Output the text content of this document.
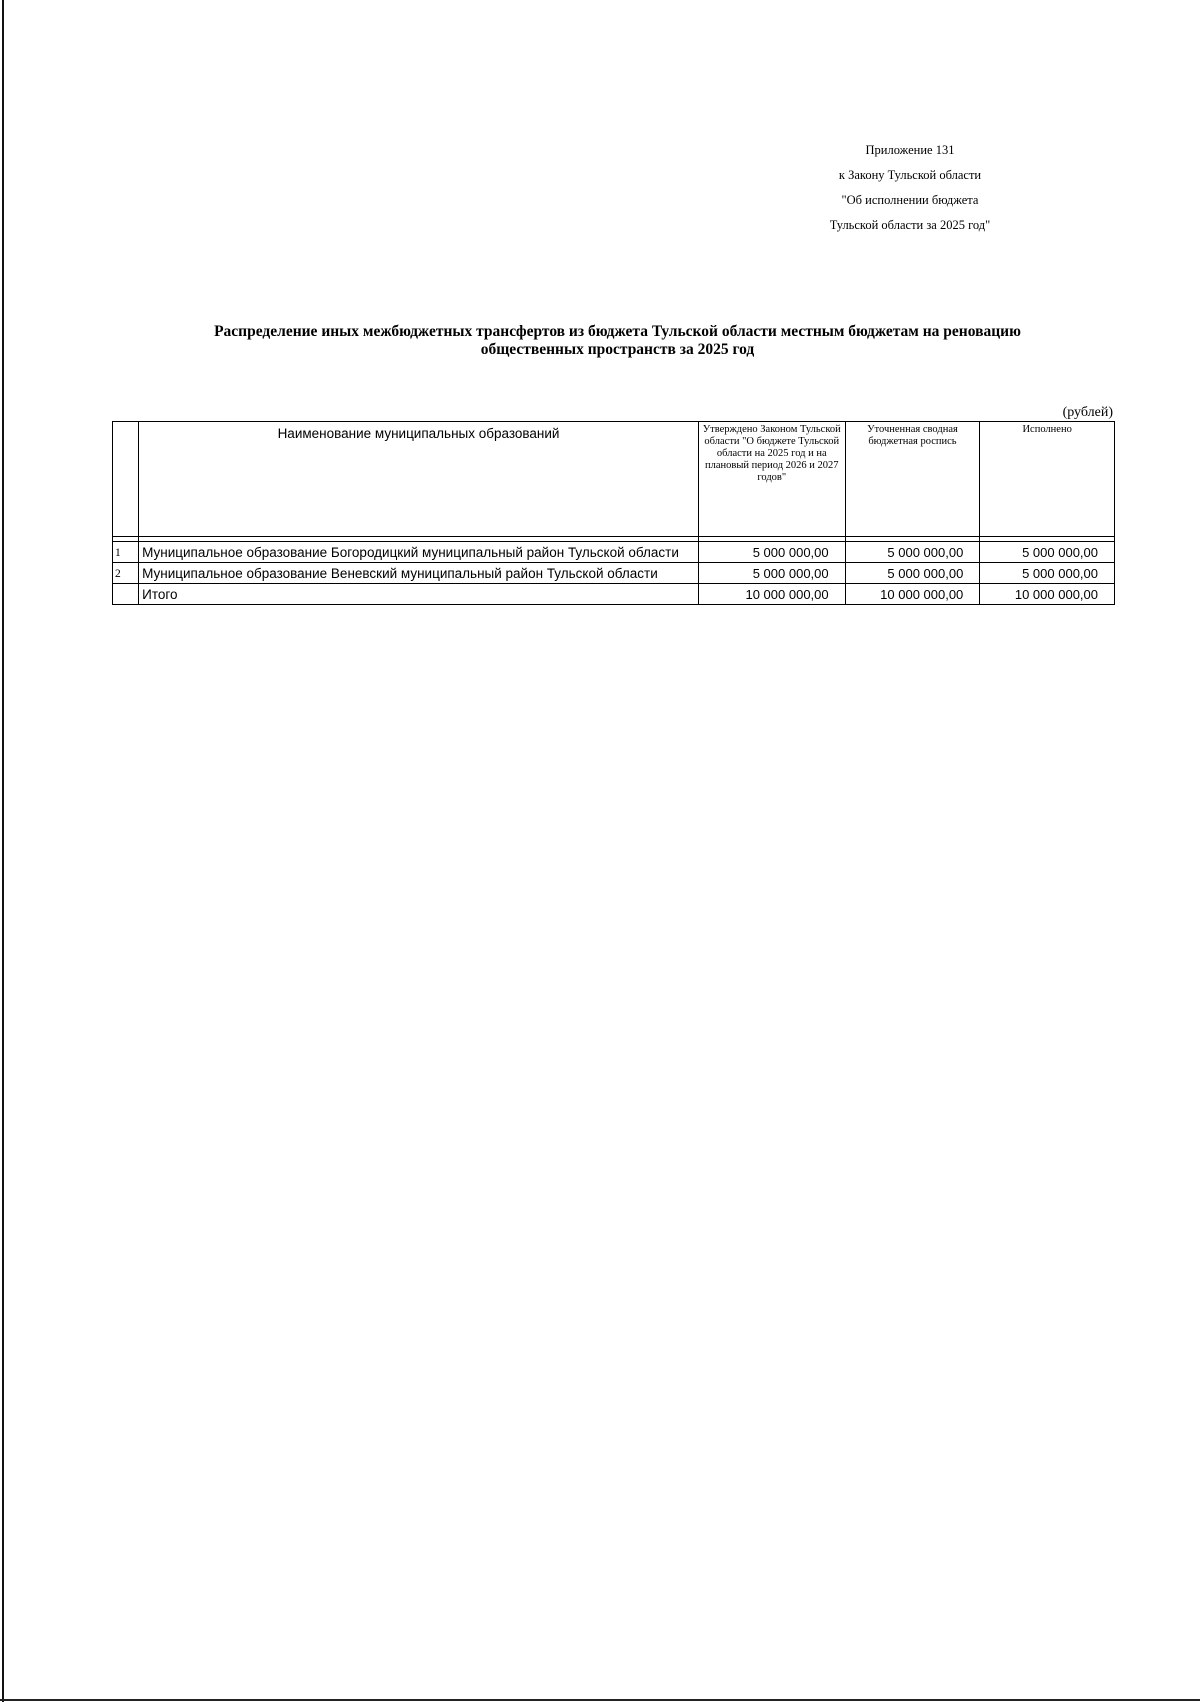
Приложение 131
к Закону Тульской области
"Об исполнении бюджета
Тульской области за 2025 год"
Распределение иных межбюджетных трансфертов из бюджета Тульской области местным бюджетам на реновацию
общественных пространств за 2025 год
(рублей)
	Наименование муниципальных образований	Утверждено Законом Тульской области "О бюджете Тульской области на 2025 год и на плановый период 2026 и 2027 годов"	Уточненная сводная бюджетная роспись	Исполнено

1	Муниципальное образование Богородицкий муниципальный район Тульской области	5 000 000,00	5 000 000,00	5 000 000,00
2	Муниципальное образование Веневский муниципальный район Тульской области	5 000 000,00	5 000 000,00	5 000 000,00
	Итого	10 000 000,00	10 000 000,00	10 000 000,00
